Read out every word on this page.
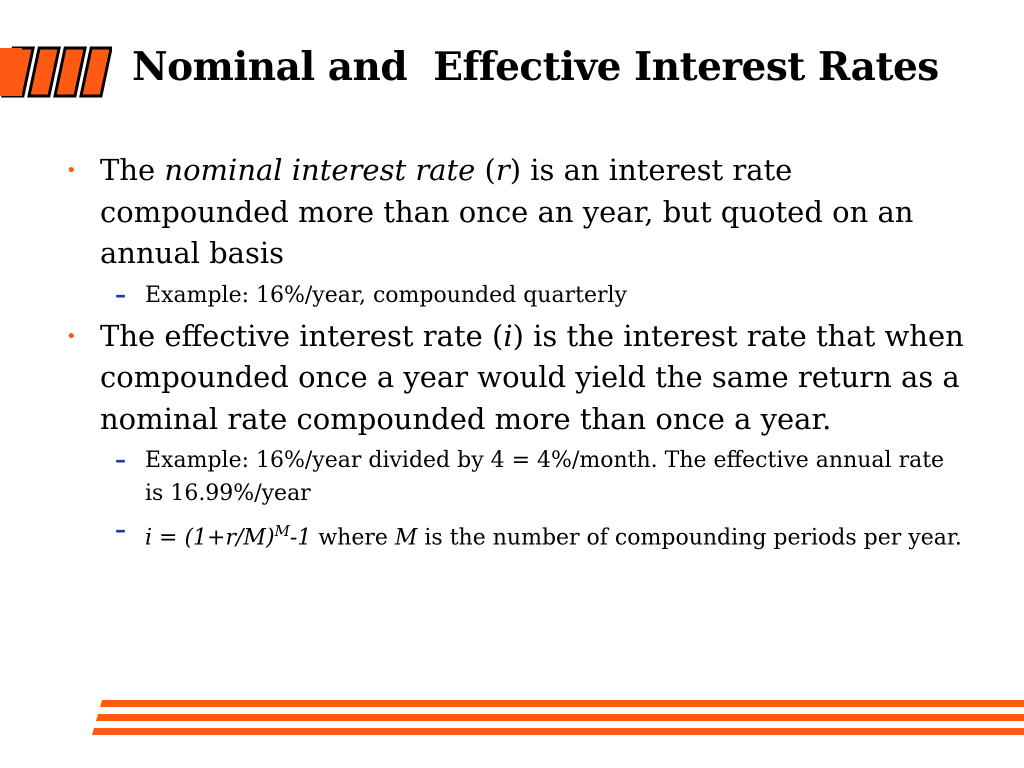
Nominal and  Effective Interest Rates
• The nominal interest rate (r) is an interest rate compounded more than once an year, but quoted on an annual basis
– Example: 16%/year, compounded quarterly
• The effective interest rate (i) is the interest rate that when compounded once a year would yield the same return as a nominal rate compounded more than once a year.
– Example: 16%/year divided by 4 = 4%/month. The effective annual rate is 16.99%/year
– $i = (1+r/M)^M-1$ where M is the number of compounding periods per year.
